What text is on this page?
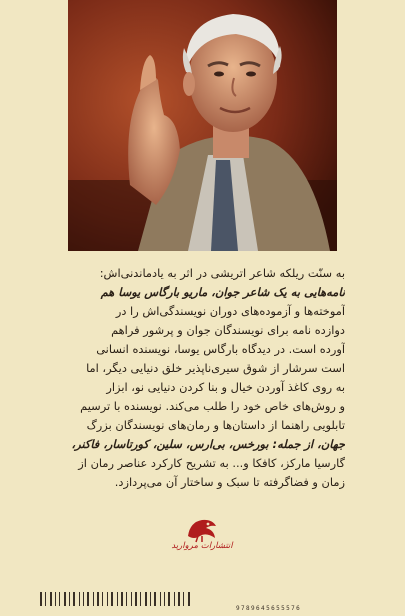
به سنّت ریلکه شاعر اتریشی در اثر به یادماندنی‌اش:
نامه‌هایی به یک شاعر جوان، ماریو بارگاس یوسا هم
آموخته‌ها و آزموده‌های دوران نویسندگی‌اش را در
دوازده نامه برای نویسندگان جوان و پرشور فراهم
آورده است. در دیدگاه بارگاس یوسا، نویسنده انسانی
است سرشار از شوق سیری‌ناپذیر خلق دنیایی دیگر، اما
به روی کاغذ آوردن خیال و بنا کردن دنیایی نو، ابزار
و روش‌های خاص خود را طلب می‌کند. نویسنده با ترسیم
تابلویی راهنما از داستان‌ها و رمان‌های نویسندگان بزرگ
جهان، از جمله: بورخس، بی‌ارس، سلین، کورتاسار، فاکنر،
گارسیا مارکز، کافکا و... به تشریح کارکرد عناصر رمان از
زمان و فضاگرفته تا سبک و ساختار آن می‌پردازد.

انتشارات مروارید
9789645655576
